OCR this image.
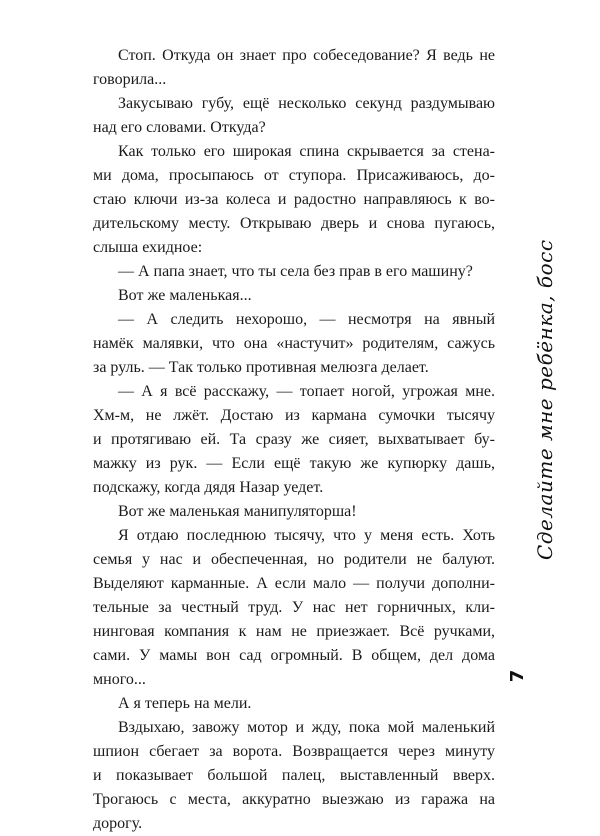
Стоп. Откуда он знает про собеседование? Я ведь не
говорила...
Закусываю губу, ещё несколько секунд раздумываю
над его словами. Откуда?
Как только его широкая спина скрывается за стена-
ми дома, просыпаюсь от ступора. Присаживаюсь, до-
стаю ключи из-за колеса и радостно направляюсь к во-
дительскому месту. Открываю дверь и снова пугаюсь,
слыша ехидное:
— А папа знает, что ты села без прав в его машину?
Вот же маленькая...
— А следить нехорошо, — несмотря на явный
намёк малявки, что она «настучит» родителям, сажусь
за руль. — Так только противная мелюзга делает.
— А я всё расскажу, — топает ногой, угрожая мне.
Хм-м, не лжёт. Достаю из кармана сумочки тысячу
и протягиваю ей. Та сразу же сияет, выхватывает бу-
мажку из рук. — Если ещё такую же купюрку дашь,
подскажу, когда дядя Назар уедет.
Вот же маленькая манипуляторша!
Я отдаю последнюю тысячу, что у меня есть. Хоть
семья у нас и обеспеченная, но родители не балуют.
Выделяют карманные. А если мало — получи дополни-
тельные за честный труд. У нас нет горничных, кли-
нинговая компания к нам не приезжает. Всё ручками,
сами. У мамы вон сад огромный. В общем, дел дома
много...
А я теперь на мели.
Вздыхаю, завожу мотор и жду, пока мой маленький
шпион сбегает за ворота. Возвращается через минуту
и показывает большой палец, выставленный вверх.
Трогаюсь с места, аккуратно выезжаю из гаража на
дорогу.
Сделайте мне ребёнка, босс
7
